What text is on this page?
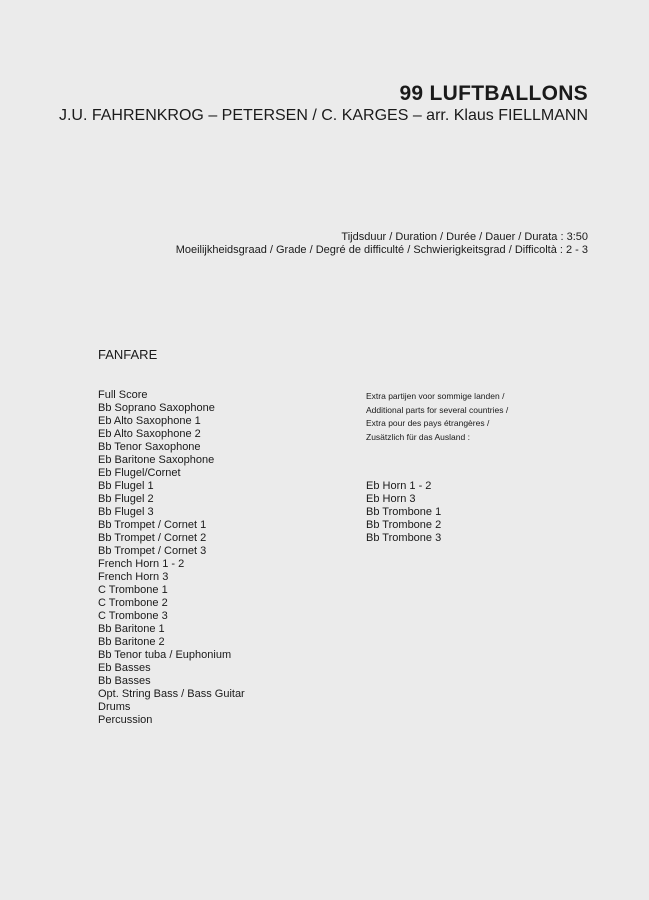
99 LUFTBALLONS

J.U. FAHRENKROG – PETERSEN / C. KARGES – arr. Klaus FIELLMANN

Tijdsduur / Duration / Durée / Dauer / Durata : 3:50
Moeilijkheidsgraad / Grade / Degré de difficulté / Schwierigkeitsgrad / Difficoltà : 2 - 3
FANFARE
Full Score
Bb Soprano Saxophone
Eb Alto Saxophone 1
Eb Alto Saxophone 2
Bb Tenor Saxophone
Eb Baritone Saxophone
Eb Flugel/Cornet
Bb Flugel 1
Bb Flugel 2
Bb Flugel 3
Bb Trompet / Cornet 1
Bb Trompet / Cornet 2
Bb Trompet / Cornet 3
French Horn 1 - 2
French Horn 3
C Trombone 1
C Trombone 2
C Trombone 3
Bb Baritone 1
Bb Baritone 2
Bb Tenor tuba / Euphonium
Eb Basses
Bb Basses
Opt. String Bass / Bass Guitar
Drums
Percussion
Extra partijen voor sommige landen /
Additional parts for several countries /
Extra pour des pays étrangères /
Zusätzlich für das Ausland :
Eb Horn 1 - 2
Eb Horn 3
Bb Trombone 1
Bb Trombone 2
Bb Trombone 3
